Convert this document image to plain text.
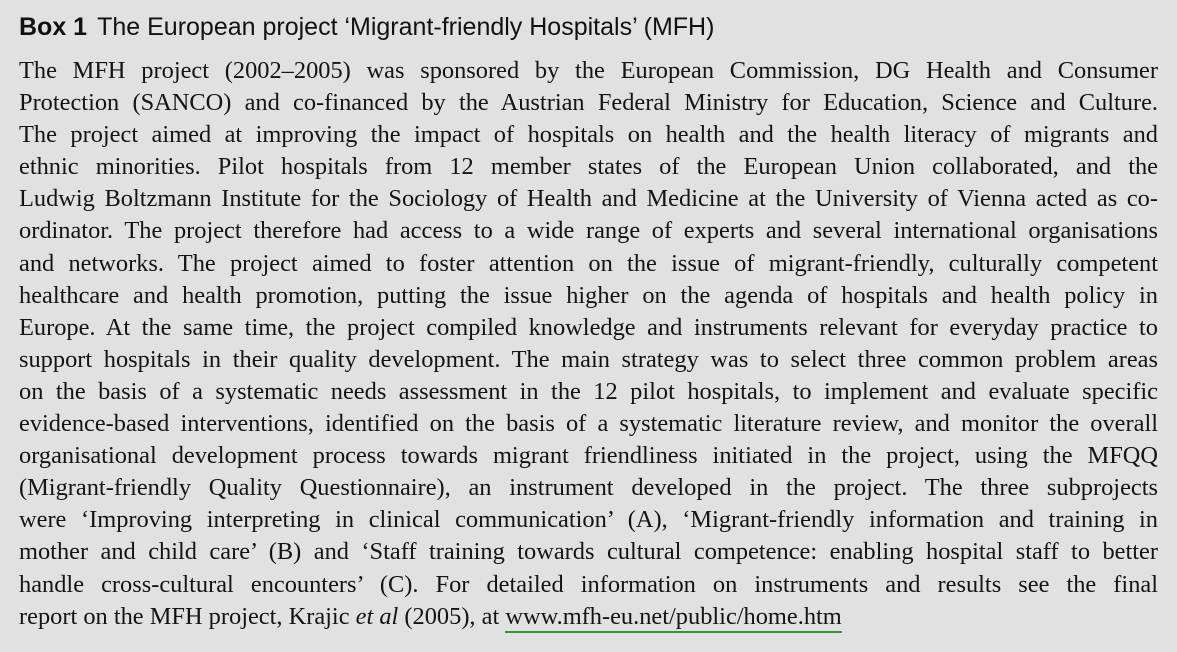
Box 1 The European project ‘Migrant-friendly Hospitals’ (MFH)
The MFH project (2002–2005) was sponsored by the European Commission, DG Health and Consumer
Protection (SANCO) and co-financed by the Austrian Federal Ministry for Education, Science and Culture.
The project aimed at improving the impact of hospitals on health and the health literacy of migrants and
ethnic minorities. Pilot hospitals from 12 member states of the European Union collaborated, and the
Ludwig Boltzmann Institute for the Sociology of Health and Medicine at the University of Vienna acted as co-
ordinator. The project therefore had access to a wide range of experts and several international organisations
and networks. The project aimed to foster attention on the issue of migrant-friendly, culturally competent
healthcare and health promotion, putting the issue higher on the agenda of hospitals and health policy in
Europe. At the same time, the project compiled knowledge and instruments relevant for everyday practice to
support hospitals in their quality development. The main strategy was to select three common problem areas
on the basis of a systematic needs assessment in the 12 pilot hospitals, to implement and evaluate specific
evidence-based interventions, identified on the basis of a systematic literature review, and monitor the overall
organisational development process towards migrant friendliness initiated in the project, using the MFQQ
(Migrant-friendly Quality Questionnaire), an instrument developed in the project. The three subprojects
were ‘Improving interpreting in clinical communication’ (A), ‘Migrant-friendly information and training in
mother and child care’ (B) and ‘Staff training towards cultural competence: enabling hospital staff to better
handle cross-cultural encounters’ (C). For detailed information on instruments and results see the final
report on the MFH project, Krajic et al (2005), at www.mfh-eu.net/public/home.htm
